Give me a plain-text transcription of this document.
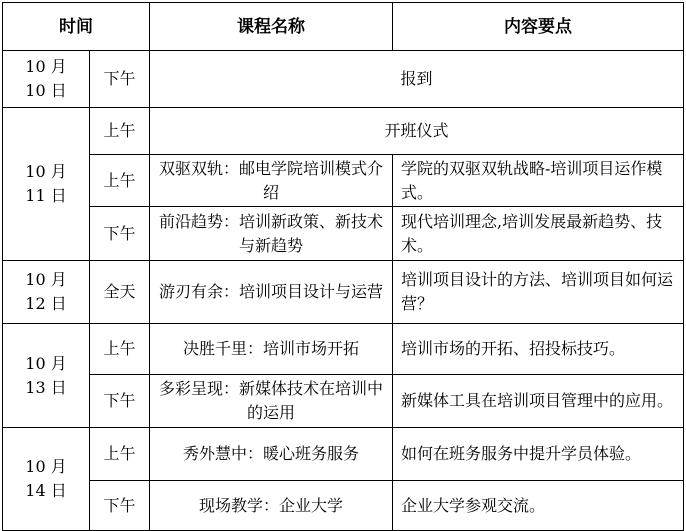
时间		课程名称	内容要点

10 月
10 日	下午	报到	

10 月
11 日	上午	开班仪式	
	上午	双驱双轨：邮电学院培训模式介绍	学院的双驱双轨战略-培训项目运作模式。
	下午	前沿趋势：培训新政策、新技术与新趋势	现代培训理念,培训发展最新趋势、技术。

10 月
12 日	全天	游刃有余：培训项目设计与运营	培训项目设计的方法、培训项目如何运营？

10 月
13 日	上午	决胜千里：培训市场开拓	培训市场的开拓、招投标技巧。
	下午	多彩呈现：新媒体技术在培训中的运用	新媒体工具在培训项目管理中的应用。

10 月
14 日	上午	秀外慧中：暖心班务服务	如何在班务服务中提升学员体验。
	下午	现场教学：企业大学	企业大学参观交流。
